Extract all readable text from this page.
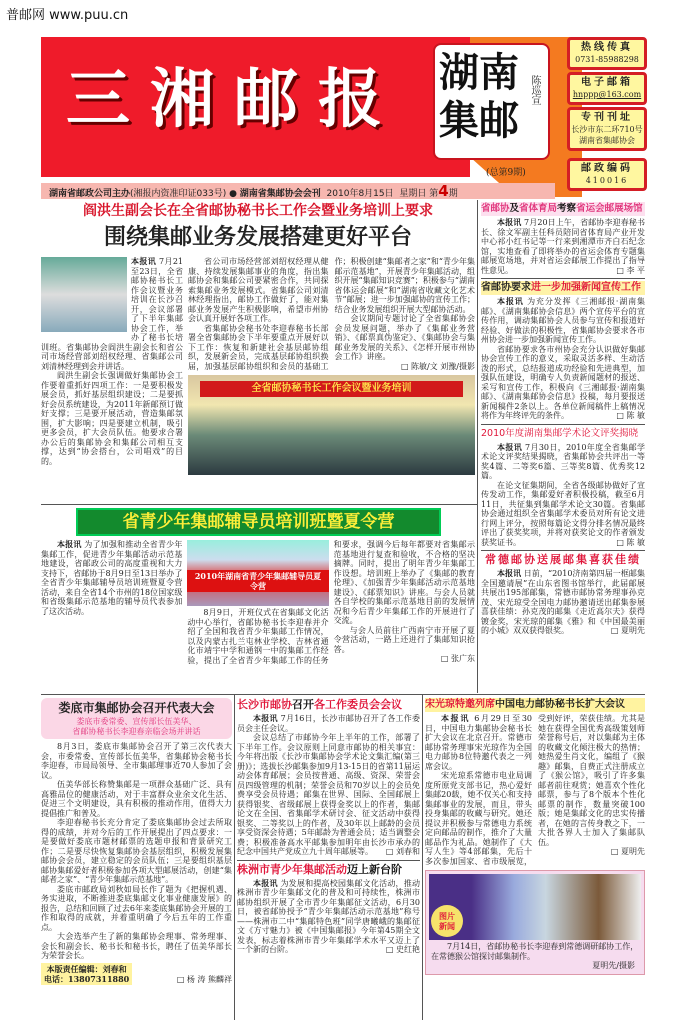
普邮网 www.puu.cn
三湘邮报 湖南集邮
陈巡宣
热线传真
0731-85988298
电子邮箱
hnppp@163.com
专刊刊址
长沙市东二环710号 湖南省集邮协会
邮政编码
410016
(总第9期)
湖南省邮政公司主办(湘报内资准印证033号) ● 湖南省集邮协会会刊 2010年8月15日 星期日 第4期
阎洪生副会长在全省邮协秘书长工作会暨业务培训上要求
围绕集邮业务发展搭建更好平台
本报讯 7月21至23日，全省邮协秘书长工作会议暨业务培训在长沙召开，会议部署了下半年集邮协会工作，举办了秘书长培训班。省集邮协会阎洪生副会长和省公司市场经营部刘绍权经理、省集邮公司刘清林经理到会并讲话。
阎洪生副会长强调做好集邮协会工作要着重抓好四项工作：一是要积极发展会员，抓好基层组织建设；二是要抓好会员系统建设，为2011年新邮预订做好支撑；三是要开展活动，营造集邮氛围，扩大影响；四是要建立机制，吸引更多会员，扩大会员队伍。他要求合署办公后的集邮协会和集邮公司相互支撑，达到“协会搭台，公司唱戏”的目的。
省公司市场经营部刘绍权经理从健康、持续发展集邮事业的角度，指出集邮协会和集邮公司要紧密合作，共同探索集邮业务发展模式。省集邮公司刘清林经理指出，邮协工作做好了，能对集邮业务发展产生积极影响，希望市州协会认真开展好各项工作。
省集邮协会秘书处李迎春秘书长部署全省集邮协会下半年要重点开展好以下工作：恢复和新建社会基层邮协组织，发展新会员，完成基层邮协组织换届，加强基层邮协组织和会员的基础工作；积极创建“集邮者之家”和“青少年集邮示范基地”，开展青少年集邮活动，组织开展“集邮知识竞赛”；积极参与“湖南省体运会邮展”和“湖南省收藏文化艺术节”邮展；进一步加强邮协的宣传工作；结合业务发展组织开展大型邮协活动。
会议期间专题讨论了全省集邮协会会员发展问题，举办了《集邮业务营销》、《邮票真伪鉴定》、《集邮协会与集邮业务发展的关系》、《怎样开展市州协会工作》讲座。
□ 陈敏/文 刘豫/摄影
全省邮协秘书长工作会议暨业务培训
省青少年集邮辅导员培训班暨夏令营
本报讯 为了加强和推动全省青少年集邮工作，促进青少年集邮活动示范基地建设，省邮政公司的高度重视和大力支持下，省邮协于8月9日至13日举办了全省青少年集邮辅导员培训班暨夏令营活动，来自全省14个市州的18位国家级和省级集邮示范基地的辅导员代表参加了这次活动。
2010年湖南省青少年集邮辅导员夏令营
8月9日，开班仪式在省集邮文化活动中心举行，省邮协秘书长李迎春并介绍了全国和我省青少年集邮工作情况，以及内蒙古扎兰屯林业学校、吉林省通化市靖宇中学和通钢一中的集邮工作经验，提出了全省青少年集邮工作的任务和要求，强调今后每年都要对省集邮示范基地进行复查和验收，不合格的坚决摘牌。同时，提出了明年青少年集邮工作设想。培训班上举办了《集邮的教育伦理》、《加强青少年集邮活动示范基地建设》、《邮票知识》讲座。与会人员就各自学校的集邮示范基地目前的发展情况和今后青少年集邮工作的开展进行了交流。
与会人员前往广西南宁市开展了夏令营活动，一路上还进行了集邮知识抢答。
□ 张广东
省邮协及省体育局考察省运会邮展场馆
本报讯 7月20日上午，省邮协李迎春秘书长、徐文军副主任科员陪同省体育局产业开发中心祁小红书记等一行来到湘潭市齐白石纪念馆，实地查看了即将举办的省运会体育专题集邮展览场地，并对省运会邮展工作提出了指导性意见。	□ 李 平
省邮协要求进一步加强新闻宣传工作
本报讯 为充分发挥《三湘邮报·湖南集邮》、《湖南集邮协会信息》两个宣传平台的宣传作用，调动集邮协会人员参与宣传和报道好经验、好做法的积极性，省集邮协会要求各市州协会进一步加强新闻宣传工作。
省邮协要求各市州协会充分认识做好集邮协会宣传工作的意义，采取灵活多样、生动活泼的形式，总结报道成功经验和先进典型，加强队伍建设，明确专人负责新闻题材的报送、采写和宣传工作，积极向《三湘邮报·湖南集邮》、《湖南集邮协会信息》投稿，每月要报送新闻稿件2条以上。各单位新闻稿件上稿情况将作为年终评先的条件。	□ 陈 敏
2010年度湖南集邮学术论文评奖揭晓
本报讯 7月30日，2010年度全省集邮学术论文评奖结果揭晓，省集邮协会共评出一等奖4篇、二等奖6篇、三等奖8篇、优秀奖12篇。
在论文征集期间，全省各级邮协做好了宣传发动工作，集邮爱好者积极投稿，截至6月11日，共征集到集邮学术论文30篇。省集邮协会通过组织全省集邮学术委员对所有论文进行网上评分，按照每篇论文得分排名情况最终评出了获奖奖项，并将对获奖论文的作者颁发获奖证书。	□ 陈 敏
常德邮协送展邮集喜获佳绩
本报讯 日前，“2010济南第四届一框邮集全国邀请展”在山东省图书馆举行，此届邮展共展出195部邮集，常德市邮协常务理事孙克茂、宋光琼受全国电力邮协邀请送出邮集参展喜获佳绩：孙克茂的邮集《走近高尔夫》获得镀金奖，宋光琼的邮集《雅》和《中国最美丽的小城》双双获得银奖。	□ 夏明先
娄底市集邮协会召开代表大会
娄底市委常委、宣传部长伍美华、
省邮协秘书长李迎春亲临会场并讲话
8月3日，娄底市集邮协会召开了第三次代表大会，市委常委、宣传部长伍美华，省集邮协会秘书长李迎春，市局局领导、全市集邮理事近70人参加了会议。
伍美华部长称赞集邮是一项群众基础广泛、具有高雅品位的健康活动，对于丰富群众业余文化生活、促进三个文明建设，具有积极的推动作用，值得大力提倡推广和普及。
李迎春秘书长充分肯定了娄底集邮协会过去所取得的成绩，并对今后的工作开展提出了四点要求：一是要做好娄底市题材邮票的选题申报和背景研究工作；二是要尽快恢复集邮协会基层组织，积极发展集邮协会会员，建立稳定的会员队伍；三是要组织基层邮协集邮爱好者积极参加各项大型邮展活动，创建“集邮者之家”、“青少年集邮示范基地”。
娄底市邮政局刘秋如局长作了题为《把握机遇、务实进取，不断推进娄底集邮文化事业健康发展》的报告，总结和回顾了过去6年来娄底集邮协会开展的工作和取得的成就，并着重明确了今后五年的工作重点。
大会选举产生了新的集邮协会理事、常务理事、会长和副会长、秘书长和秘书长，聘任了伍美华部长为荣誉会长。
本版责任编辑：刘春和
电话：13807311880	□ 杨 涛 熊麟祥
长沙市邮协召开各工作委员会会议
本报讯 7月16日，长沙市邮协召开了各工作委员会主任会议。
会议总结了市邮协今年上半年的工作，部署了下半年工作。会议原则上同意市邮协的相关事宜：今年将出版《长沙市集邮协会学术论文集汇编(第三册)》；选拔长沙邮集参加9月13-15日的省第11届运动会体育邮展；会员按普通、高级、资深、荣誉会员四级管理的机制；荣誉会员和70岁以上的会员免费享受会员待遇；邮集在世界、国际、全国邮展上获得银奖、省级邮展上获得金奖以上的作者，集邮论文在全国、省集邮学术研讨会、征文活动中获得银奖、二等奖以上的作者，及30年以上邮龄的会员享受资深会待遇；5年邮龄为普通会员；适当调整会费；积极准备高水平邮集参加明年由长沙市承办的纪念中国共产党成立九十周年邮展等。	□ 刘春和
株洲市青少年集邮活动迈上新台阶
本报讯 为发展和提高校园集邮文化活动，推动株洲市青少年集邮文化的普及和可持续性，株洲市邮协组织开展了全市青少年集邮征文活动，6月30日，被省邮协授予“青少年集邮活动示范基地”称号——株洲市二中“集邮特色班”同学唐曦峨的集邮征文《方寸魅力》被《中国集邮报》今年第45期全文发表，标志着株洲市青少年集邮学术水平又迈上了一个新的台阶。	□ 史红艳
宋光琼特邀列席中国电力邮协秘书长扩大会议
本报讯 6月29日至30日，中国电力集邮协会秘书长扩大会议在北京召开。常德市邮协常务理事宋光琼作为全国电力邮协8位特邀代表之一列席会议。
宋光琼系常德市电业局调度所原党支部书记，热心爱好集邮20载，她不仅关心和支持集邮事业的发展，而且，带头投身集邮的收藏与研究。她还提议并积极参与常德电力系统定向邮品的制作，推介了大量邮品作为礼品。她制作了《大写人生》等4部邮集，先后十多次参加国家、省市级展览，受到好评，荣获佳绩。尤其是她在获得全国优秀高级策划师荣誉称号后，对以集邮为主体的收藏文化倾注极大的热情；她热爱生肖文化，编组了《猴趣》邮集，自费正式注册成立了《猴公馆》，吸引了许多集邮者前往观赏；她喜欢个性化邮票，参与了8个版本个性化邮票的制作，数量突破100版；她是集邮文化的忠实传播者，在她的言传身教之下，一大批各界人士加入了集邮队伍。
□ 夏明先
图片新闻
7月14日，省邮协秘书长李迎春到常德调研邮协工作，在常德猴公馆探讨邮集制作。
夏明先/摄影
